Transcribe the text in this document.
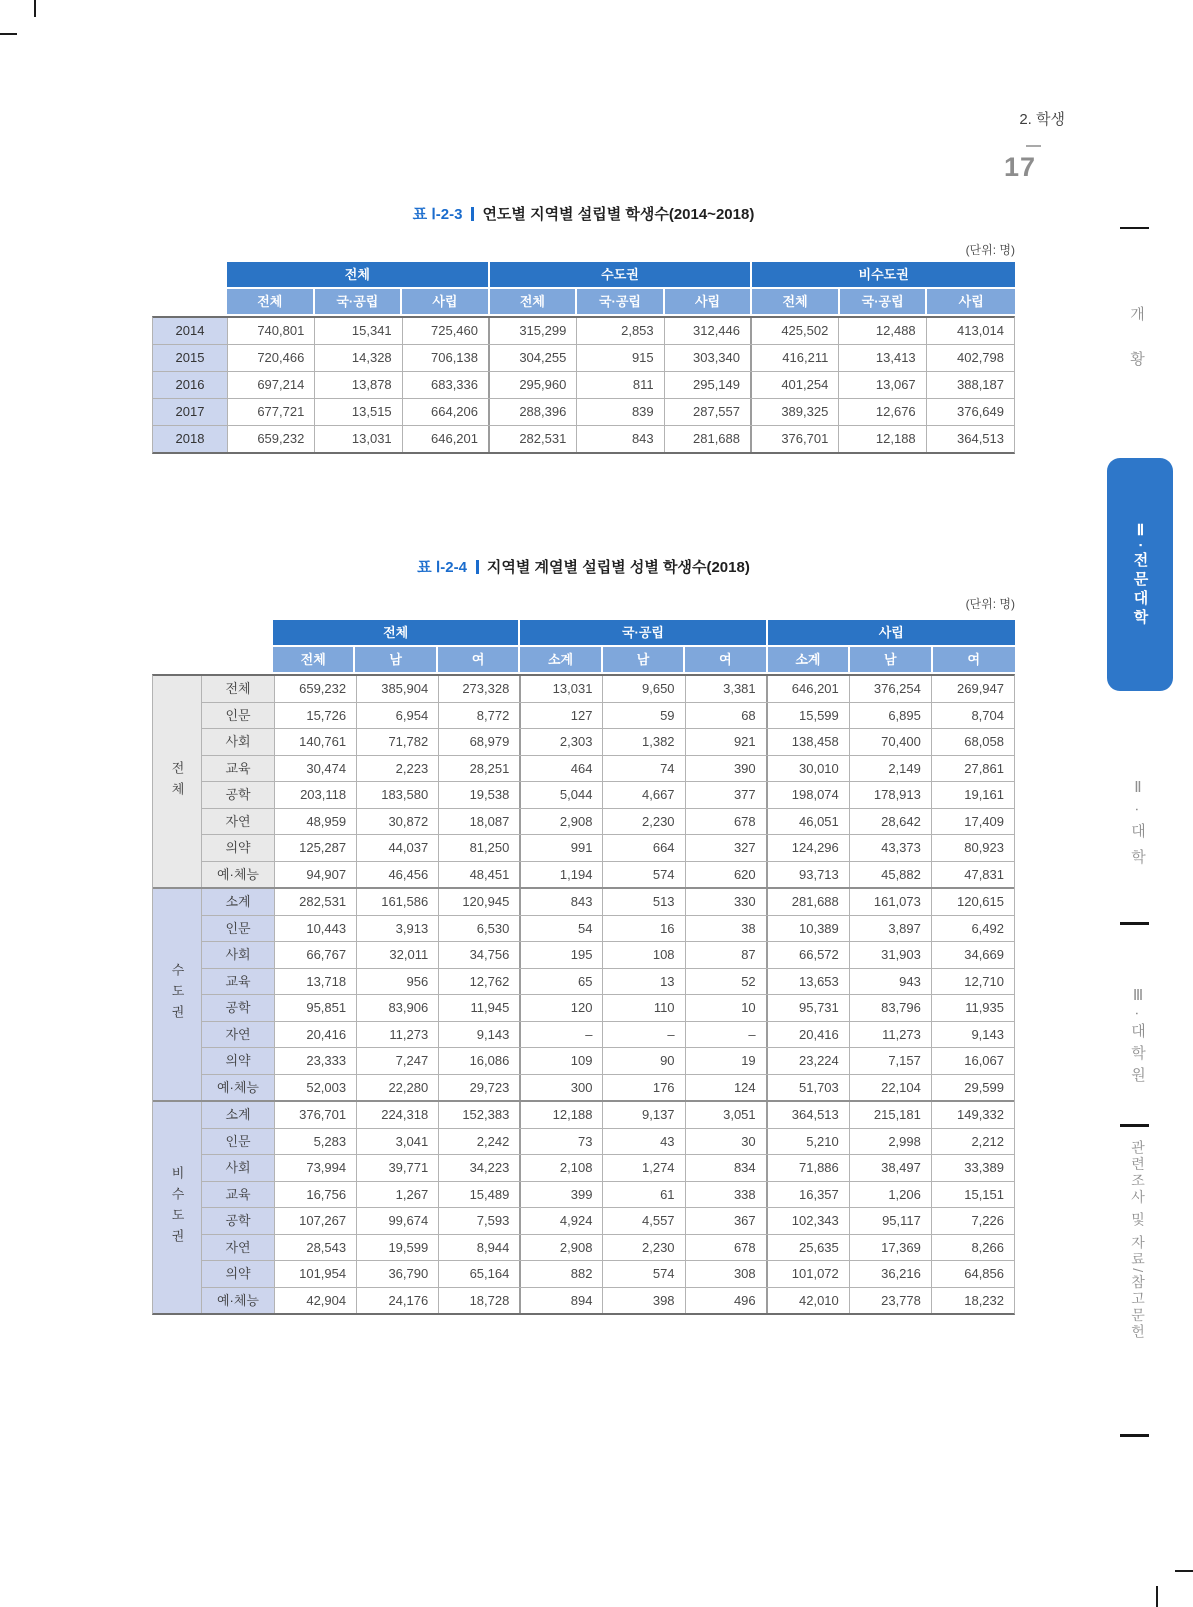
2. 학생
17
표 Ⅰ-2-3 연도별 지역별 설립별 학생수(2014~2018)
(단위: 명)
전체	수도권	비수도권
전체	국·공립	사립	전체	국·공립	사립	전체	국·공립	사립
2014	740,801	15,341	725,460	315,299	2,853	312,446	425,502	12,488	413,014
2015	720,466	14,328	706,138	304,255	915	303,340	416,211	13,413	402,798
2016	697,214	13,878	683,336	295,960	811	295,149	401,254	13,067	388,187
2017	677,721	13,515	664,206	288,396	839	287,557	389,325	12,676	376,649
2018	659,232	13,031	646,201	282,531	843	281,688	376,701	12,188	364,513
표 Ⅰ-2-4 지역별 계열별 설립별 성별 학생수(2018)
(단위: 명)
전체	국·공립	사립
전체	남	여	소계	남	여	소계	남	여
전체
전체	659,232	385,904	273,328	13,031	9,650	3,381	646,201	376,254	269,947
인문	15,726	6,954	8,772	127	59	68	15,599	6,895	8,704
사회	140,761	71,782	68,979	2,303	1,382	921	138,458	70,400	68,058
교육	30,474	2,223	28,251	464	74	390	30,010	2,149	27,861
공학	203,118	183,580	19,538	5,044	4,667	377	198,074	178,913	19,161
자연	48,959	30,872	18,087	2,908	2,230	678	46,051	28,642	17,409
의약	125,287	44,037	81,250	991	664	327	124,296	43,373	80,923
예·체능	94,907	46,456	48,451	1,194	574	620	93,713	45,882	47,831
수도권
소계	282,531	161,586	120,945	843	513	330	281,688	161,073	120,615
인문	10,443	3,913	6,530	54	16	38	10,389	3,897	6,492
사회	66,767	32,011	34,756	195	108	87	66,572	31,903	34,669
교육	13,718	956	12,762	65	13	52	13,653	943	12,710
공학	95,851	83,906	11,945	120	110	10	95,731	83,796	11,935
자연	20,416	11,273	9,143	–	–	–	20,416	11,273	9,143
의약	23,333	7,247	16,086	109	90	19	23,224	7,157	16,067
예·체능	52,003	22,280	29,723	300	176	124	51,703	22,104	29,599
비수도권
소계	376,701	224,318	152,383	12,188	9,137	3,051	364,513	215,181	149,332
인문	5,283	3,041	2,242	73	43	30	5,210	2,998	2,212
사회	73,994	39,771	34,223	2,108	1,274	834	71,886	38,497	33,389
교육	16,756	1,267	15,489	399	61	338	16,357	1,206	15,151
공학	107,267	99,674	7,593	4,924	4,557	367	102,343	95,117	7,226
자연	28,543	19,599	8,944	2,908	2,230	678	25,635	17,369	8,266
의약	101,954	36,790	65,164	882	574	308	101,072	36,216	64,856
예·체능	42,904	24,176	18,728	894	398	496	42,010	23,778	18,232
개황
Ⅱ·전문대학
Ⅱ·대학
Ⅲ·대학원
관련조사 및 자료/참고문헌
